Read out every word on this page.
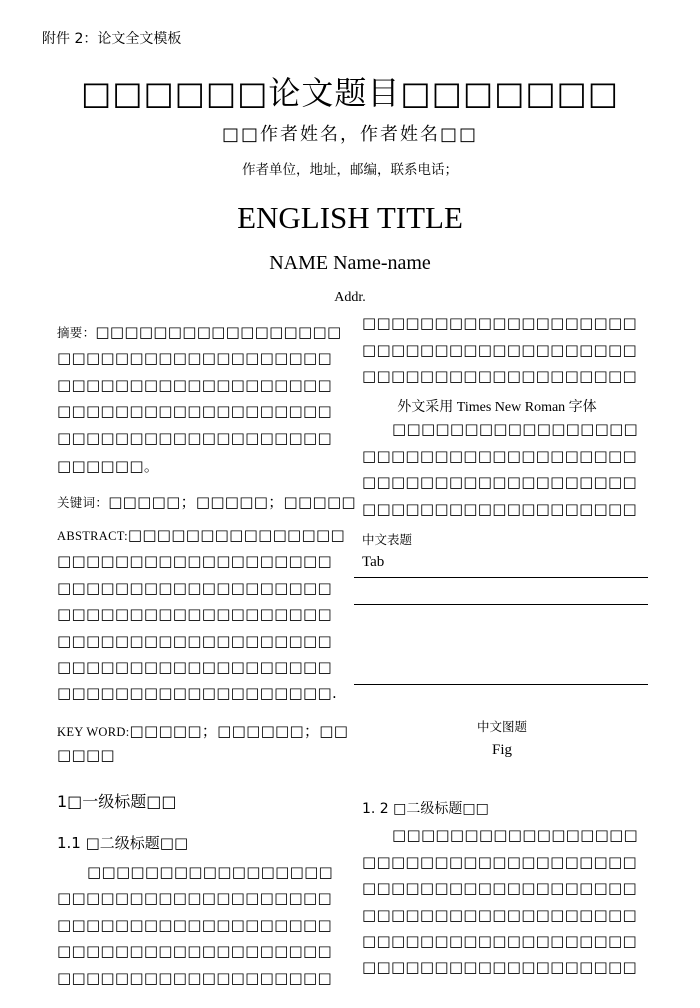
附件 2：论文全文模板
□□□□□□论文题目□□□□□□□
□□作者姓名，作者姓名□□
作者单位，地址，邮编，联系电话；
ENGLISH TITLE
NAME Name-name
Addr.
摘要：□□□□□□□□□□□□□□□□□
□□□□□□□□□□□□□□□□□□□
□□□□□□□□□□□□□□□□□□□
□□□□□□□□□□□□□□□□□□□
□□□□□□□□□□□□□□□□□□□
□□□□□□。
关键词：□□□□□；□□□□□；□□□□□
ABSTRACT:□□□□□□□□□□□□□□□
□□□□□□□□□□□□□□□□□□□
□□□□□□□□□□□□□□□□□□□
□□□□□□□□□□□□□□□□□□□
□□□□□□□□□□□□□□□□□□□
□□□□□□□□□□□□□□□□□□□
□□□□□□□□□□□□□□□□□□□.
KEY WORD:□□□□□；□□□□□□；□□
□□□□
1□一级标题□□
1.1 □二级标题□□
□□□□□□□□□□□□□□□□□
□□□□□□□□□□□□□□□□□□□
□□□□□□□□□□□□□□□□□□□
□□□□□□□□□□□□□□□□□□□
□□□□□□□□□□□□□□□□□□□
□□□□□□□□□□□□□□□□□□□
□□□□□□□□□□□□□□□□□□□
□□□□□□□□□□□□□□□□□□□
外文采用 Times New Roman 字体
□□□□□□□□□□□□□□□□□
□□□□□□□□□□□□□□□□□□□
□□□□□□□□□□□□□□□□□□□
□□□□□□□□□□□□□□□□□□□
中文表题
Tab
中文图题
Fig
1. 2 □二级标题□□
□□□□□□□□□□□□□□□□□
□□□□□□□□□□□□□□□□□□□
□□□□□□□□□□□□□□□□□□□
□□□□□□□□□□□□□□□□□□□
□□□□□□□□□□□□□□□□□□□
□□□□□□□□□□□□□□□□□□□
